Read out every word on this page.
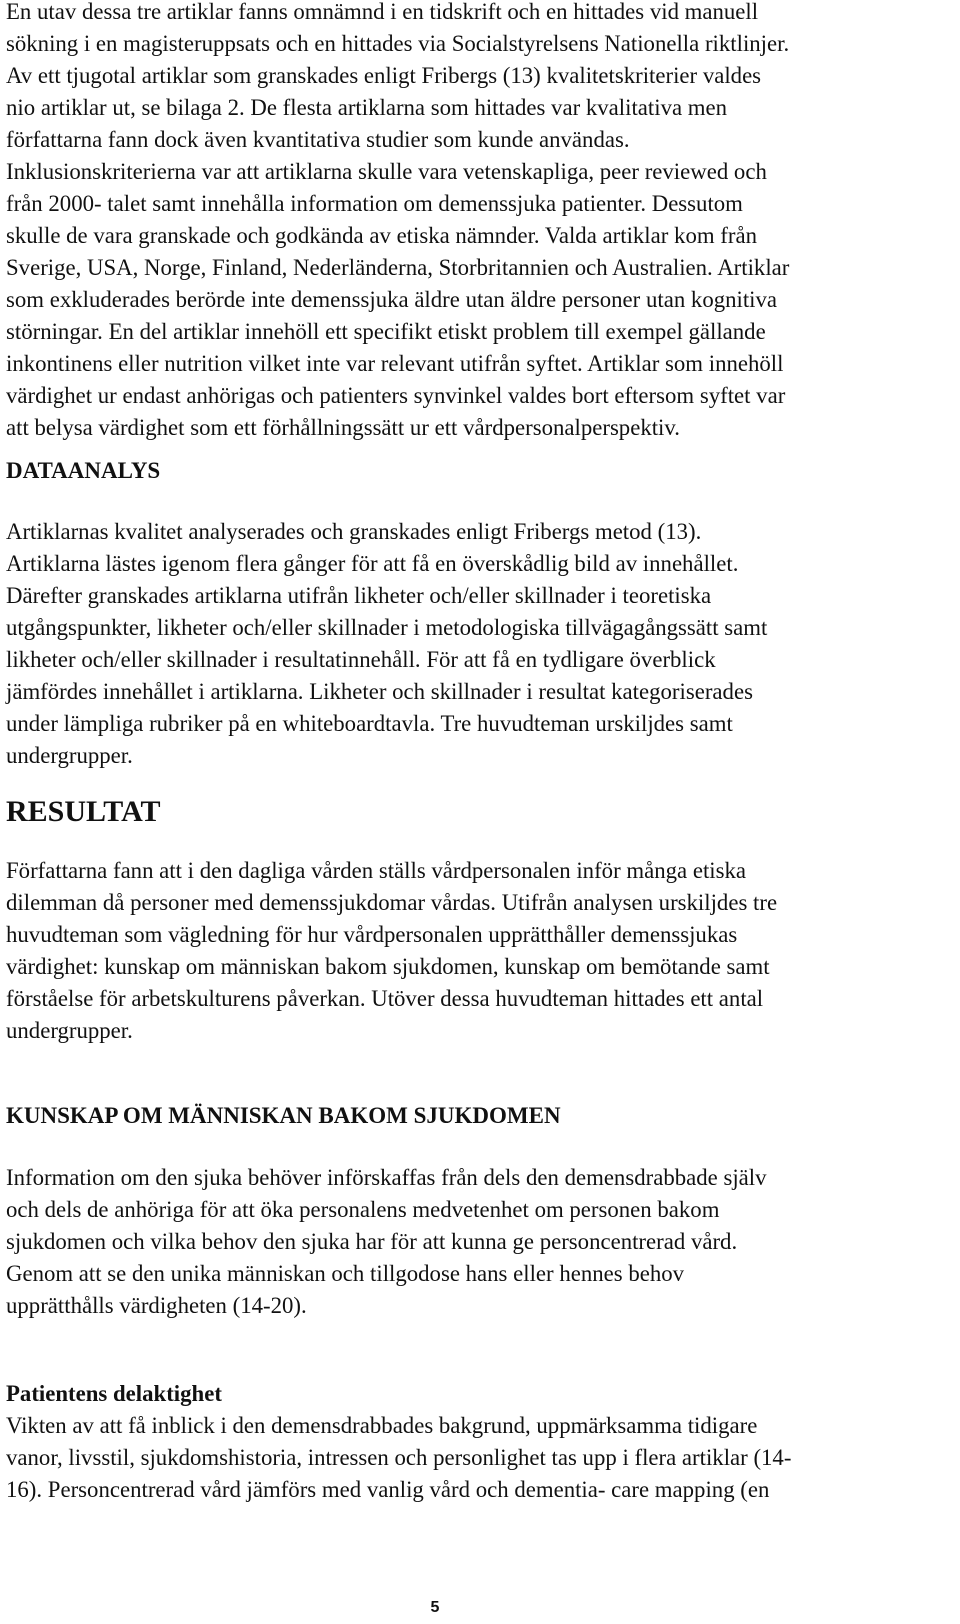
En utav dessa tre artiklar fanns omnämnd i en tidskrift och en hittades vid manuell
sökning i en magisteruppsats och en hittades via Socialstyrelsens Nationella riktlinjer.
Av ett tjugotal artiklar som granskades enligt Fribergs (13) kvalitetskriterier valdes
nio artiklar ut, se bilaga 2. De flesta artiklarna som hittades var kvalitativa men
författarna fann dock även kvantitativa studier som kunde användas.
Inklusionskriterierna var att artiklarna skulle vara vetenskapliga, peer reviewed och
från 2000- talet samt innehålla information om demenssjuka patienter. Dessutom
skulle de vara granskade och godkända av etiska nämnder. Valda artiklar kom från
Sverige, USA, Norge, Finland, Nederländerna, Storbritannien och Australien. Artiklar
som exkluderades berörde inte demenssjuka äldre utan äldre personer utan kognitiva
störningar. En del artiklar innehöll ett specifikt etiskt problem till exempel gällande
inkontinens eller nutrition vilket inte var relevant utifrån syftet. Artiklar som innehöll
värdighet ur endast anhörigas och patienters synvinkel valdes bort eftersom syftet var
att belysa värdighet som ett förhållningssätt ur ett vårdpersonalperspektiv.

DATAANALYS

Artiklarnas kvalitet analyserades och granskades enligt Fribergs metod (13).
Artiklarna lästes igenom flera gånger för att få en överskådlig bild av innehållet.
Därefter granskades artiklarna utifrån likheter och/eller skillnader i teoretiska
utgångspunkter, likheter och/eller skillnader i metodologiska tillvägagångssätt samt
likheter och/eller skillnader i resultatinnehåll. För att få en tydligare överblick
jämfördes innehållet i artiklarna. Likheter och skillnader i resultat kategoriserades
under lämpliga rubriker på en whiteboardtavla. Tre huvudteman urskiljdes samt
undergrupper.

RESULTAT

Författarna fann att i den dagliga vården ställs vårdpersonalen inför många etiska
dilemman då personer med demenssjukdomar vårdas. Utifrån analysen urskiljdes tre
huvudteman som vägledning för hur vårdpersonalen upprätthåller demenssjukas
värdighet: kunskap om människan bakom sjukdomen, kunskap om bemötande samt
förståelse för arbetskulturens påverkan. Utöver dessa huvudteman hittades ett antal
undergrupper.

KUNSKAP OM MÄNNISKAN BAKOM SJUKDOMEN

Information om den sjuka behöver införskaffas från dels den demensdrabbade själv
och dels de anhöriga för att öka personalens medvetenhet om personen bakom
sjukdomen och vilka behov den sjuka har för att kunna ge personcentrerad vård.
Genom att se den unika människan och tillgodose hans eller hennes behov
upprätthålls värdigheten (14-20).

Patientens delaktighet
Vikten av att få inblick i den demensdrabbades bakgrund, uppmärksamma tidigare
vanor, livsstil, sjukdomshistoria, intressen och personlighet tas upp i flera artiklar (14-
16). Personcentrerad vård jämförs med vanlig vård och dementia- care mapping (en

5
